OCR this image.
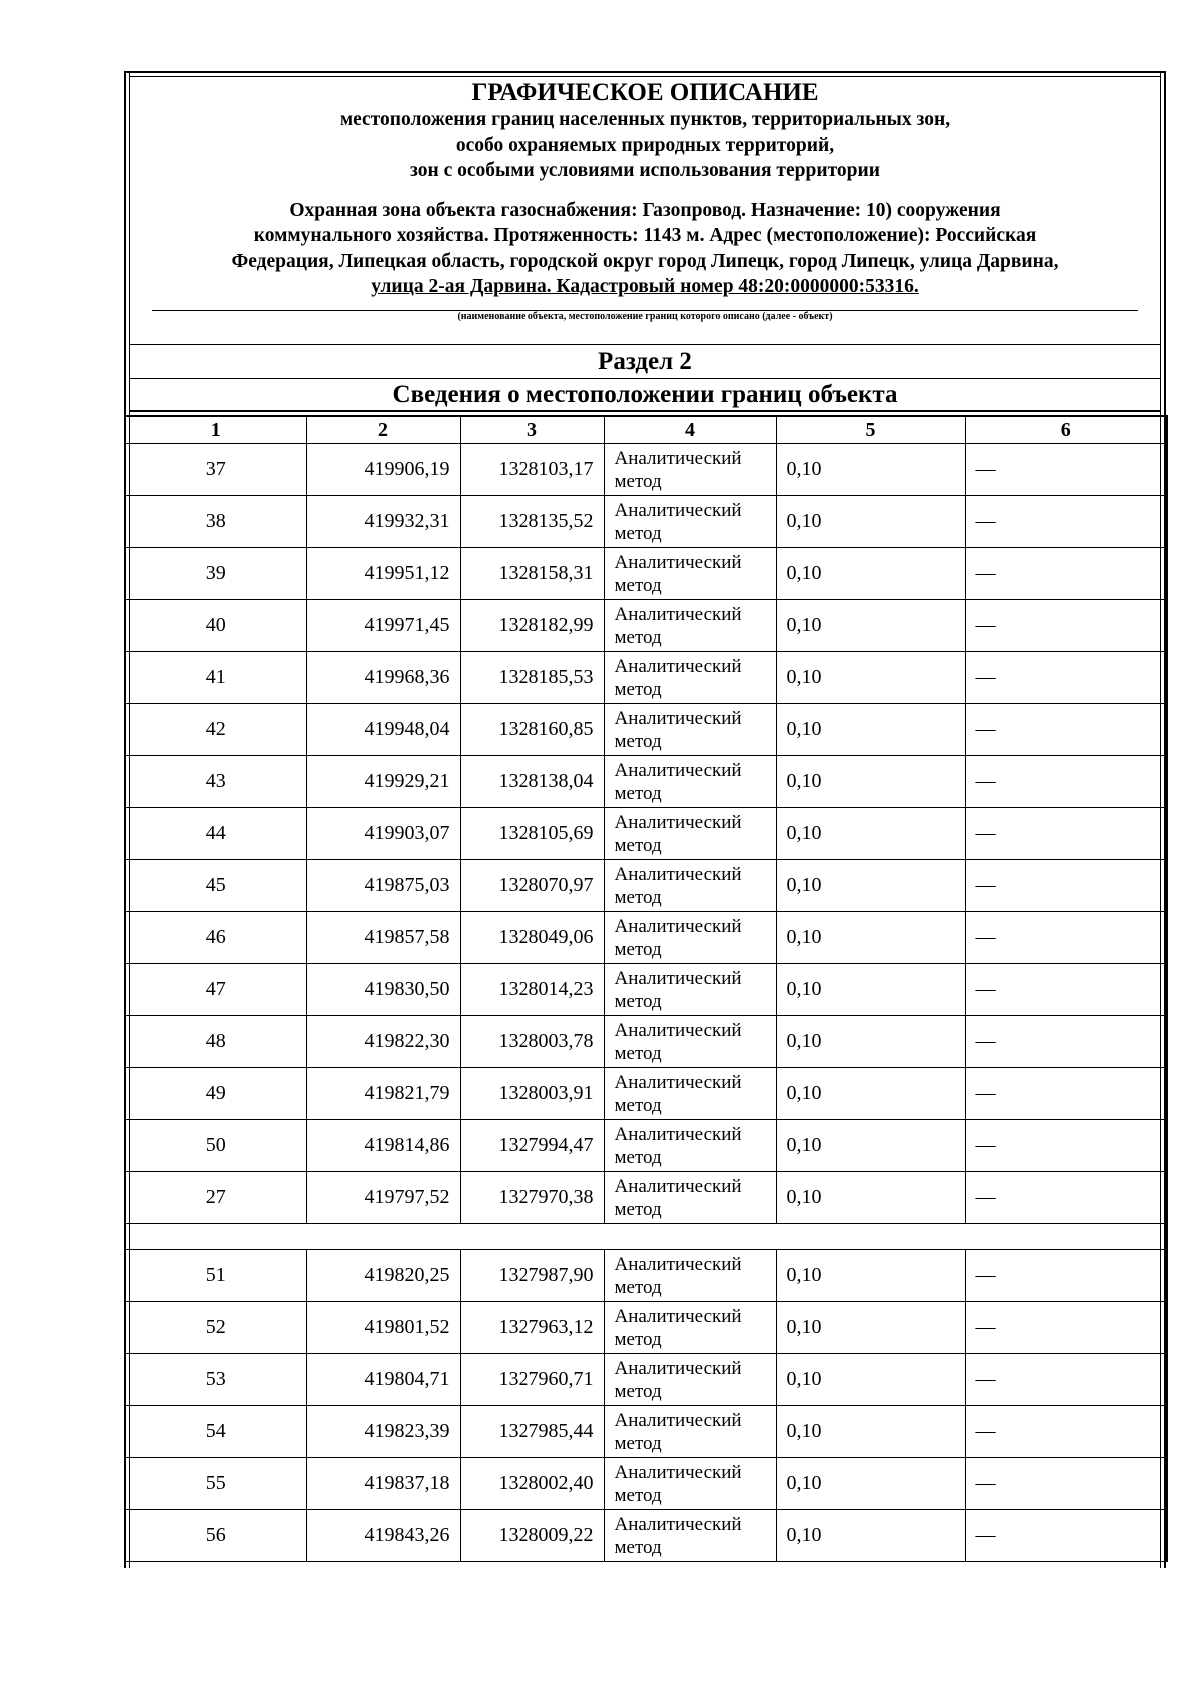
ГРАФИЧЕСКОЕ ОПИСАНИЕ
местоположения границ населенных пунктов, территориальных зон,
особо охраняемых природных территорий,
зон с особыми условиями использования территории
Охранная зона объекта газоснабжения: Газопровод. Назначение: 10) сооружения
коммунального хозяйства. Протяженность: 1143 м. Адрес (местоположение): Российская
Федерация, Липецкая область, городской округ город Липецк, город Липецк, улица Дарвина,
улица 2-ая Дарвина. Кадастровый номер 48:20:0000000:53316.
(наименование объекта, местоположение границ которого описано (далее - объект)
Раздел 2
Сведения о местоположении границ объекта
1	2	3	4	5	6
37	419906,19	1328103,17	Аналитический метод	0,10	—
38	419932,31	1328135,52	Аналитический метод	0,10	—
39	419951,12	1328158,31	Аналитический метод	0,10	—
40	419971,45	1328182,99	Аналитический метод	0,10	—
41	419968,36	1328185,53	Аналитический метод	0,10	—
42	419948,04	1328160,85	Аналитический метод	0,10	—
43	419929,21	1328138,04	Аналитический метод	0,10	—
44	419903,07	1328105,69	Аналитический метод	0,10	—
45	419875,03	1328070,97	Аналитический метод	0,10	—
46	419857,58	1328049,06	Аналитический метод	0,10	—
47	419830,50	1328014,23	Аналитический метод	0,10	—
48	419822,30	1328003,78	Аналитический метод	0,10	—
49	419821,79	1328003,91	Аналитический метод	0,10	—
50	419814,86	1327994,47	Аналитический метод	0,10	—
27	419797,52	1327970,38	Аналитический метод	0,10	—

51	419820,25	1327987,90	Аналитический метод	0,10	—
52	419801,52	1327963,12	Аналитический метод	0,10	—
53	419804,71	1327960,71	Аналитический метод	0,10	—
54	419823,39	1327985,44	Аналитический метод	0,10	—
55	419837,18	1328002,40	Аналитический метод	0,10	—
56	419843,26	1328009,22	Аналитический метод	0,10	—
